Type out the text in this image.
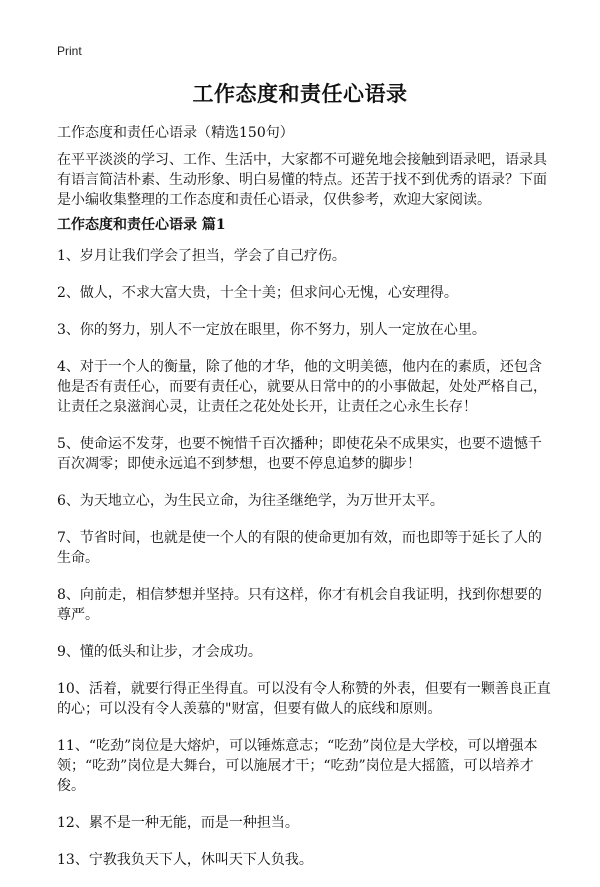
Print
工作态度和责任心语录
工作态度和责任心语录（精选150句）
在平平淡淡的学习、工作、生活中，大家都不可避免地会接触到语录吧，语录具有语言简洁朴素、生动形象、明白易懂的特点。还苦于找不到优秀的语录？下面是小编收集整理的工作态度和责任心语录，仅供参考，欢迎大家阅读。
工作态度和责任心语录 篇1
1、岁月让我们学会了担当，学会了自己疗伤。
2、做人，不求大富大贵，十全十美；但求问心无愧，心安理得。
3、你的努力，别人不一定放在眼里，你不努力，别人一定放在心里。
4、对于一个人的衡量，除了他的才华，他的文明美德，他内在的素质，还包含他是否有责任心，而要有责任心，就要从日常中的的小事做起，处处严格自己，让责任之泉滋润心灵，让责任之花处处长开，让责任之心永生长存！
5、使命运不发芽，也要不惋惜千百次播种；即使花朵不成果实，也要不遗憾千百次凋零；即使永远追不到梦想，也要不停息追梦的脚步！
6、为天地立心，为生民立命，为往圣继绝学，为万世开太平。
7、节省时间，也就是使一个人的有限的使命更加有效，而也即等于延长了人的生命。
8、向前走，相信梦想并坚持。只有这样，你才有机会自我证明，找到你想要的尊严。
9、懂的低头和让步，才会成功。
10、活着，就要行得正坐得直。可以没有令人称赞的外表，但要有一颗善良正直的心；可以没有令人羡慕的"财富，但要有做人的底线和原则。
11、“吃劲”岗位是大熔炉，可以锤炼意志；“吃劲”岗位是大学校，可以增强本领；“吃劲”岗位是大舞台，可以施展才干；“吃劲”岗位是大摇篮，可以培养才俊。
12、累不是一种无能，而是一种担当。
13、宁教我负天下人，休叫天下人负我。
